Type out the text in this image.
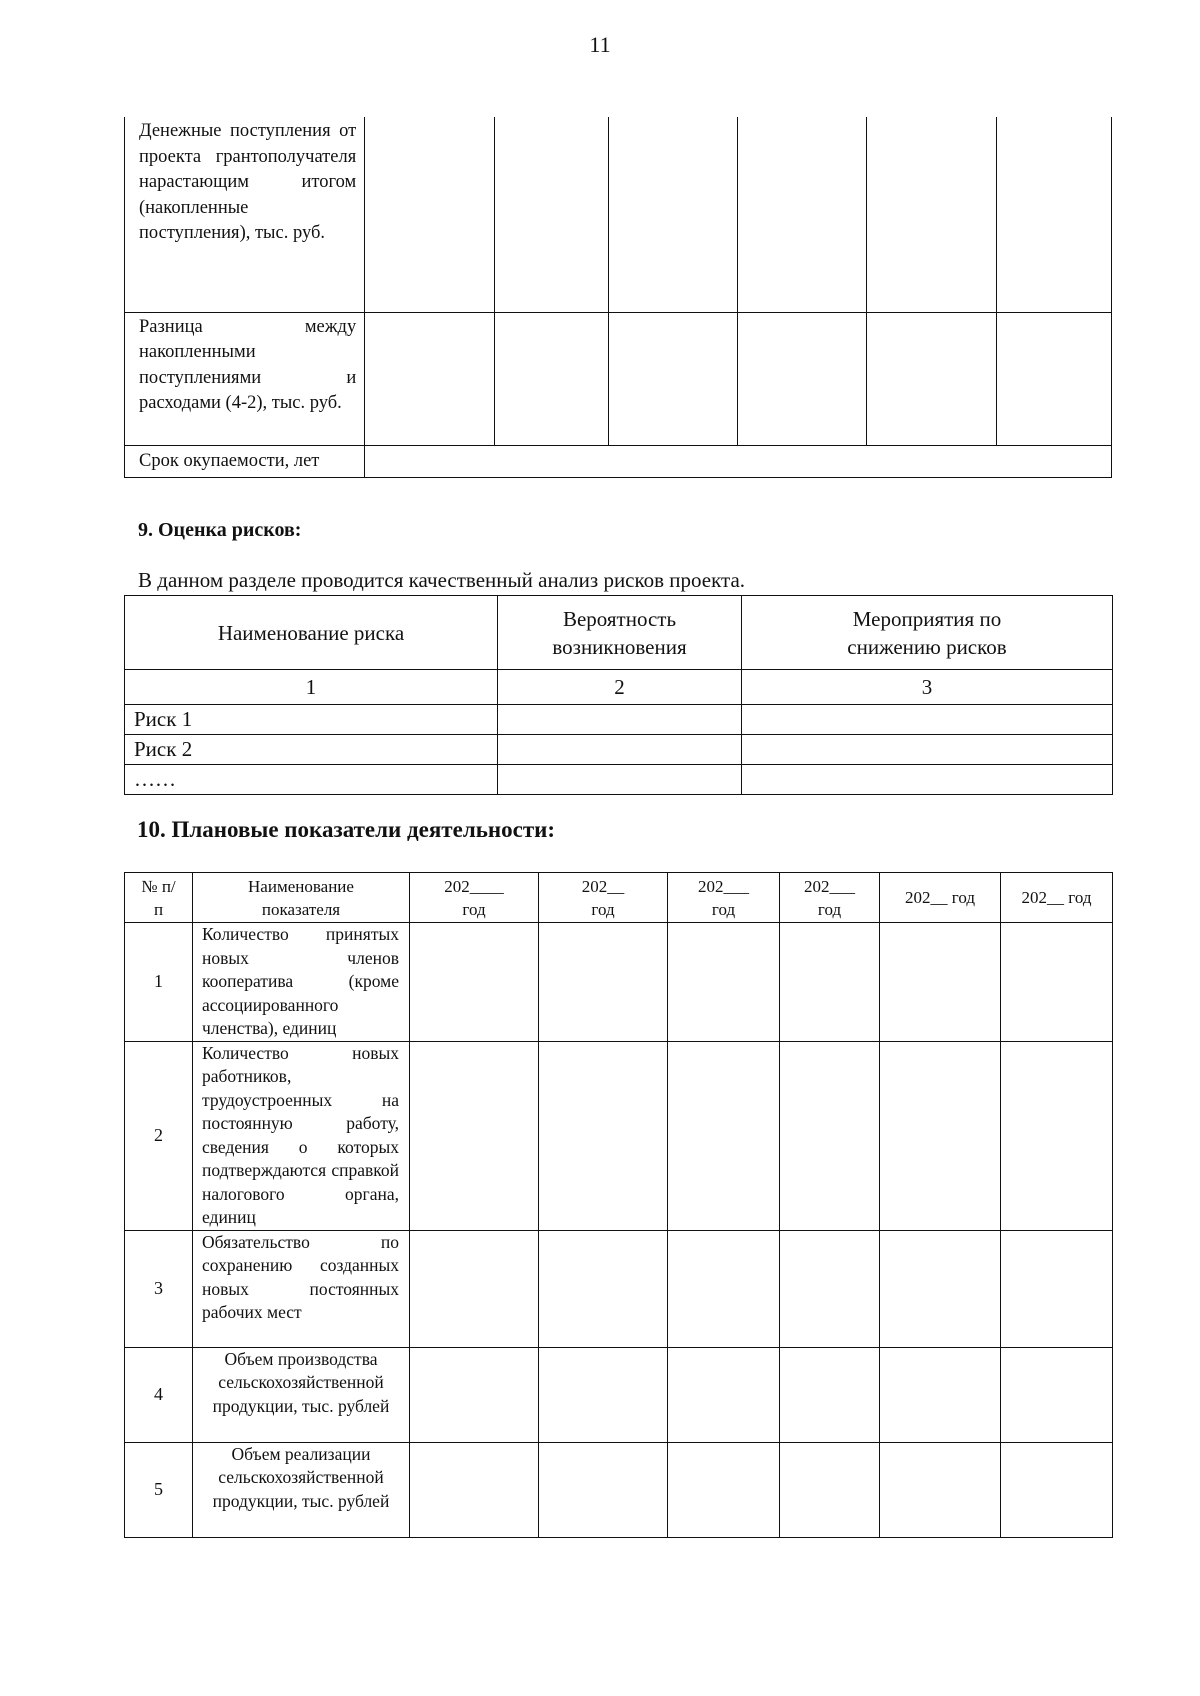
11
Денежные поступления от проекта грантополучателя нарастающим итогом (накопленные поступления), тыс. руб.						
Разница между накопленными поступлениями и расходами (4-2), тыс. руб.						
Срок окупаемости, лет						
9. Оценка рисков:
В данном разделе проводится качественный анализ рисков проекта.
Наименование риска	Вероятность возникновения	Мероприятия по снижению рисков
1	2	3
Риск 1		
Риск 2		
……		
10. Плановые показатели деятельности:
№ п/п	Наименование показателя	202____ год	202__ год	202___ год	202___ год	202__ год	202__ год
1	Количество принятых новых членов кооператива (кроме ассоциированного членства), единиц						
2	Количество новых работников, трудоустроенных на постоянную работу, сведения о которых подтверждаются справкой налогового органа, единиц						
3	Обязательство по сохранению созданных новых постоянных рабочих мест						
4	Объем производства сельскохозяйственной продукции, тыс. рублей						
5	Объем реализации сельскохозяйственной продукции, тыс. рублей						
